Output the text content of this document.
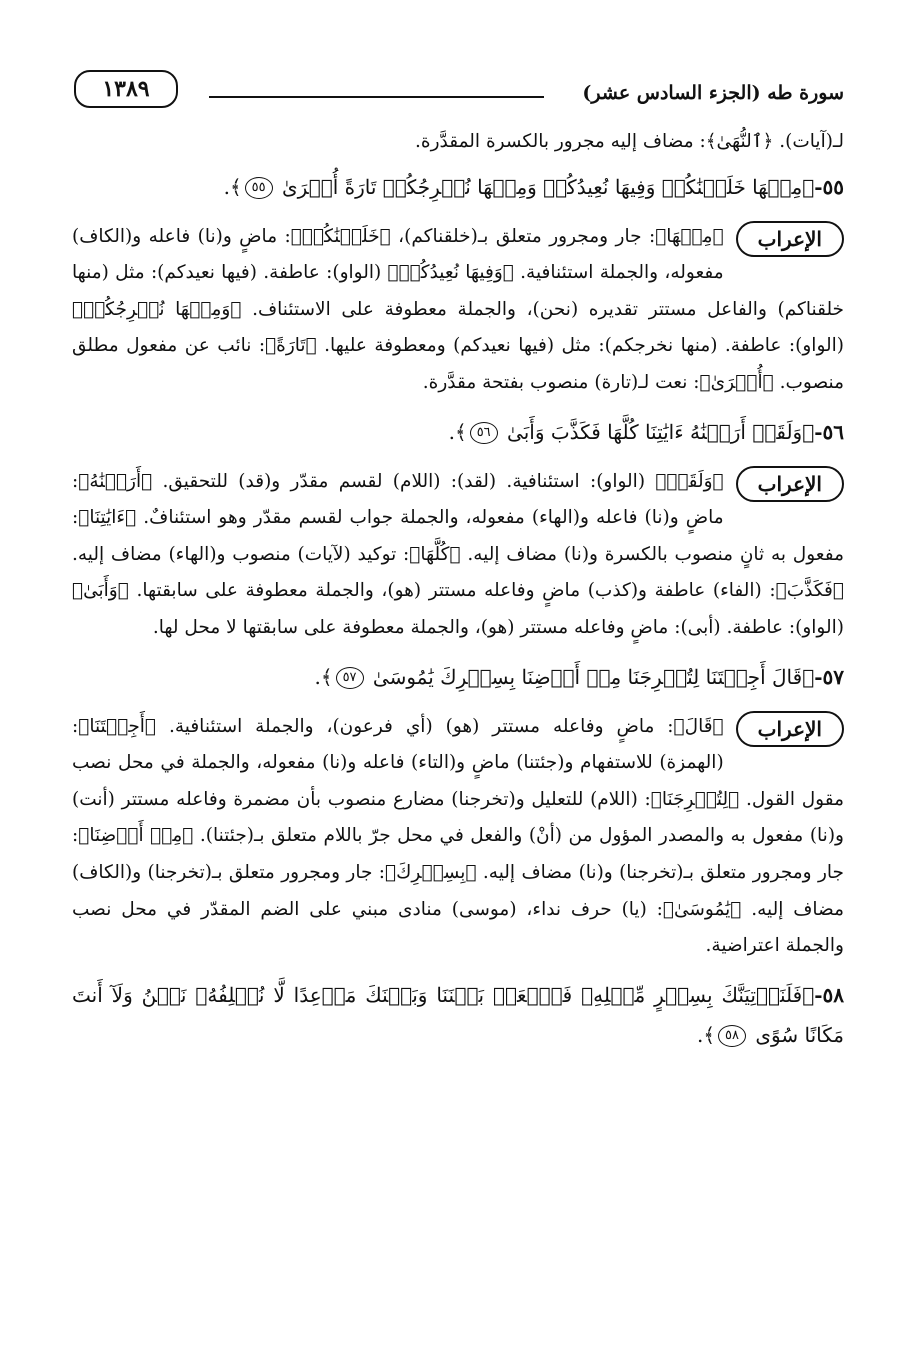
سورة طه (الجزء السادس عشر)
١٣٨٩

لـ(آيات). ﴿ٱلنُّهَىٰ﴾: مضاف إليه مجرور بالكسرة المقدَّرة.

٥٥-﴿مِنۡهَا خَلَقۡنَٰكُمۡ وَفِيهَا نُعِيدُكُمۡ وَمِنۡهَا نُخۡرِجُكُمۡ تَارَةً أُخۡرَىٰ ٥٥﴾.

الإعراب

﴿مِنۡهَا﴾: جار ومجرور متعلق بـ(خلقناكم)، ﴿خَلَقۡنَٰكُمۡ﴾: ماضٍ و(نا) فاعله و(الكاف) مفعوله، والجملة استئنافية. ﴿وَفِيهَا نُعِيدُكُمۡ﴾ (الواو): عاطفة. (فيها نعيدكم): مثل (منها خلقناكم) والفاعل مستتر تقديره (نحن)، والجملة معطوفة على الاستئناف. ﴿وَمِنۡهَا نُخۡرِجُكُمۡ﴾ (الواو): عاطفة. (منها نخرجكم): مثل (فيها نعيدكم) ومعطوفة عليها. ﴿تَارَةً﴾: نائب عن مفعول مطلق منصوب. ﴿أُخۡرَىٰ﴾: نعت لـ(تارة) منصوب بفتحة مقدَّرة.

٥٦-﴿وَلَقَدۡ أَرَيۡنَٰهُ ءَايَٰتِنَا كُلَّهَا فَكَذَّبَ وَأَبَىٰ ٥٦﴾.

الإعراب

﴿وَلَقَدۡ﴾ (الواو): استئنافية. (لقد): (اللام) لقسم مقدّر و(قد) للتحقيق. ﴿أَرَيۡنَٰهُ﴾: ماضٍ و(نا) فاعله و(الهاء) مفعوله، والجملة جواب لقسم مقدّر وهو استئنافٌ. ﴿ءَايَٰتِنَا﴾: مفعول به ثانٍ منصوب بالكسرة و(نا) مضاف إليه. ﴿كُلَّهَا﴾: توكيد (لآيات) منصوب و(الهاء) مضاف إليه. ﴿فَكَذَّبَ﴾: (الفاء) عاطفة و(كذب) ماضٍ وفاعله مستتر (هو)، والجملة معطوفة على سابقتها. ﴿وَأَبَىٰ﴾ (الواو): عاطفة. (أبى): ماضٍ وفاعله مستتر (هو)، والجملة معطوفة على سابقتها لا محل لها.

٥٧-﴿قَالَ أَجِئۡتَنَا لِتُخۡرِجَنَا مِنۡ أَرۡضِنَا بِسِحۡرِكَ يَٰمُوسَىٰ ٥٧﴾.

الإعراب

﴿قَالَ﴾: ماضٍ وفاعله مستتر (هو) (أي فرعون)، والجملة استئنافية. ﴿أَجِئۡتَنَا﴾: (الهمزة) للاستفهام و(جئتنا) ماضٍ و(التاء) فاعله و(نا) مفعوله، والجملة في محل نصب مقول القول. ﴿لِتُخۡرِجَنَا﴾: (اللام) للتعليل و(تخرجنا) مضارع منصوب بأن مضمرة وفاعله مستتر (أنت) و(نا) مفعول به والمصدر المؤول من (أنْ) والفعل في محل جرّ باللام متعلق بـ(جئتنا). ﴿مِنۡ أَرۡضِنَا﴾: جار ومجرور متعلق بـ(تخرجنا) و(نا) مضاف إليه. ﴿بِسِحۡرِكَ﴾: جار ومجرور متعلق بـ(تخرجنا) و(الكاف) مضاف إليه. ﴿يَٰمُوسَىٰ﴾: (يا) حرف نداء، (موسى) منادى مبني على الضم المقدّر في محل نصب والجملة اعتراضية.

٥٨-﴿فَلَنَأۡتِيَنَّكَ بِسِحۡرٍ مِّثۡلِهِۦ فَٱجۡعَلۡ بَيۡنَنَا وَبَيۡنَكَ مَوۡعِدًا لَّا نُخۡلِفُهُۥ نَحۡنُ وَلَآ أَنتَ مَكَانًا سُوًى ٥٨﴾.
